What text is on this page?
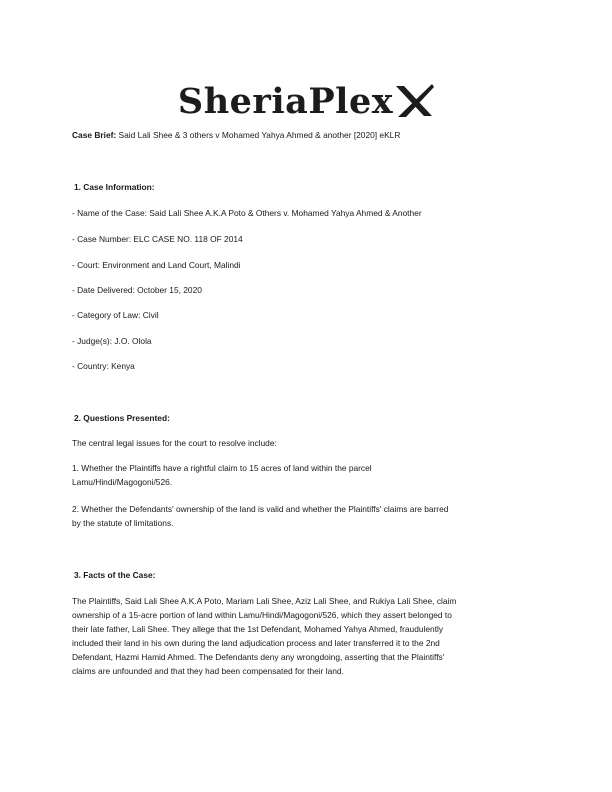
SheriaPlex
Case Brief: Said Lali Shee & 3 others v Mohamed Yahya Ahmed & another [2020] eKLR
1. Case Information:
- Name of the Case: Said Lali Shee A.K.A Poto & Others v. Mohamed Yahya Ahmed & Another
- Case Number: ELC CASE NO. 118 OF 2014
- Court: Environment and Land Court, Malindi
- Date Delivered: October 15, 2020
- Category of Law: Civil
- Judge(s): J.O. Olola
- Country: Kenya
2. Questions Presented:
The central legal issues for the court to resolve include:
1. Whether the Plaintiffs have a rightful claim to 15 acres of land within the parcel
Lamu/Hindi/Magogoni/526.
2. Whether the Defendants' ownership of the land is valid and whether the Plaintiffs' claims are barred
by the statute of limitations.
3. Facts of the Case:
The Plaintiffs, Said Lali Shee A.K.A Poto, Mariam Lali Shee, Aziz Lali Shee, and Rukiya Lali Shee, claim
ownership of a 15-acre portion of land within Lamu/Hindi/Magogoni/526, which they assert belonged to
their late father, Lali Shee. They allege that the 1st Defendant, Mohamed Yahya Ahmed, fraudulently
included their land in his own during the land adjudication process and later transferred it to the 2nd
Defendant, Hazmi Hamid Ahmed. The Defendants deny any wrongdoing, asserting that the Plaintiffs'
claims are unfounded and that they had been compensated for their land.
